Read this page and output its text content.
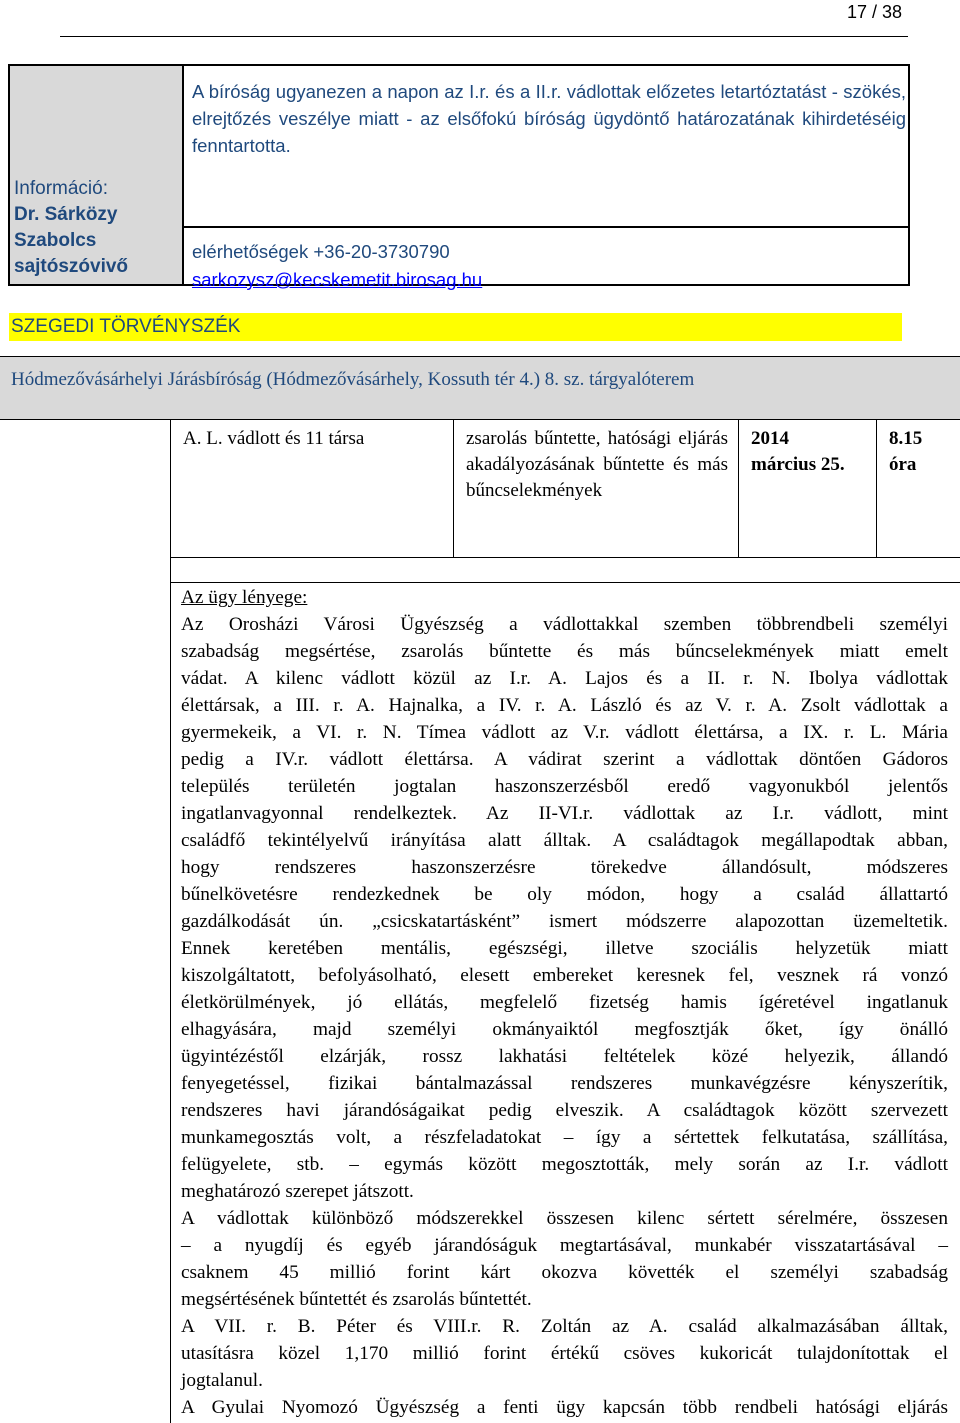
17 / 38
Információ:
Dr. Sárközy
Szabolcs
sajtószóvivő
A bíróság ugyanezen a napon az I.r. és a II.r. vádlottak előzetes letartóztatást - szökés, elrejtőzés veszélye miatt - az elsőfokú bíróság ügydöntő határozatának kihirdetéséig fenntartotta.
elérhetőségek +36-20-3730790
sarkozysz@kecskemetit.birosag.hu
SZEGEDI TÖRVÉNYSZÉK
Hódmezővásárhelyi Járásbíróság (Hódmezővásárhely, Kossuth tér 4.) 8. sz. tárgyalóterem
A. L. vádlott és 11 társa	zsarolás bűntette, hatósági eljárás akadályozásának bűntette és más bűncselekmények
2014
március 25.
8.15
óra
Az ügy lényege:
Az Orosházi Városi Ügyészség a vádlottakkal szemben többrendbeli személyi
szabadság megsértése, zsarolás bűntette és más bűncselekmények miatt emelt
vádat. A kilenc vádlott közül az I.r. A. Lajos és a II. r. N. Ibolya vádlottak
élettársak, a III. r. A. Hajnalka, a IV. r. A. László és az V. r. A. Zsolt vádlottak a
gyermekeik, a VI. r. N. Tímea vádlott az V.r. vádlott élettársa, a IX. r. L. Mária
pedig a IV.r. vádlott élettársa. A vádirat szerint a vádlottak döntően Gádoros
település területén jogtalan haszonszerzésből eredő vagyonukból jelentős
ingatlanvagyonnal rendelkeztek. Az II-VI.r. vádlottak az I.r. vádlott, mint
családfő tekintélyelvű irányítása alatt álltak. A családtagok megállapodtak abban,
hogy rendszeres haszonszerzésre törekedve állandósult, módszeres
bűnelkövetésre rendezkednek be oly módon, hogy a család állattartó
gazdálkodását ún. „csicskatartásként” ismert módszerre alapozottan üzemeltetik.
Ennek keretében mentális, egészségi, illetve szociális helyzetük miatt
kiszolgáltatott, befolyásolható, elesett embereket keresnek fel, vesznek rá vonzó
életkörülmények, jó ellátás, megfelelő fizetség hamis ígéretével ingatlanuk
elhagyására, majd személyi okmányaiktól megfosztják őket, így önálló
ügyintézéstől elzárják, rossz lakhatási feltételek közé helyezik, állandó
fenyegetéssel, fizikai bántalmazással rendszeres munkavégzésre kényszerítik,
rendszeres havi járandóságaikat pedig elveszik. A családtagok között szervezett
munkamegosztás volt, a részfeladatokat – így a sértettek felkutatása, szállítása,
felügyelete, stb. – egymás között megosztották, mely során az I.r. vádlott
meghatározó szerepet játszott.
A vádlottak különböző módszerekkel összesen kilenc sértett sérelmére, összesen
– a nyugdíj és egyéb járandóságuk megtartásával, munkabér visszatartásával –
csaknem 45 millió forint kárt okozva követték el személyi szabadság
megsértésének bűntettét és zsarolás bűntettét.
A VII. r. B. Péter és VIII.r. R. Zoltán az A. család alkalmazásában álltak,
utasításra közel 1,170 millió forint értékű csöves kukoricát tulajdonítottak el
jogtalanul.
A Gyulai Nyomozó Ügyészség a fenti ügy kapcsán több rendbeli hatósági eljárás
